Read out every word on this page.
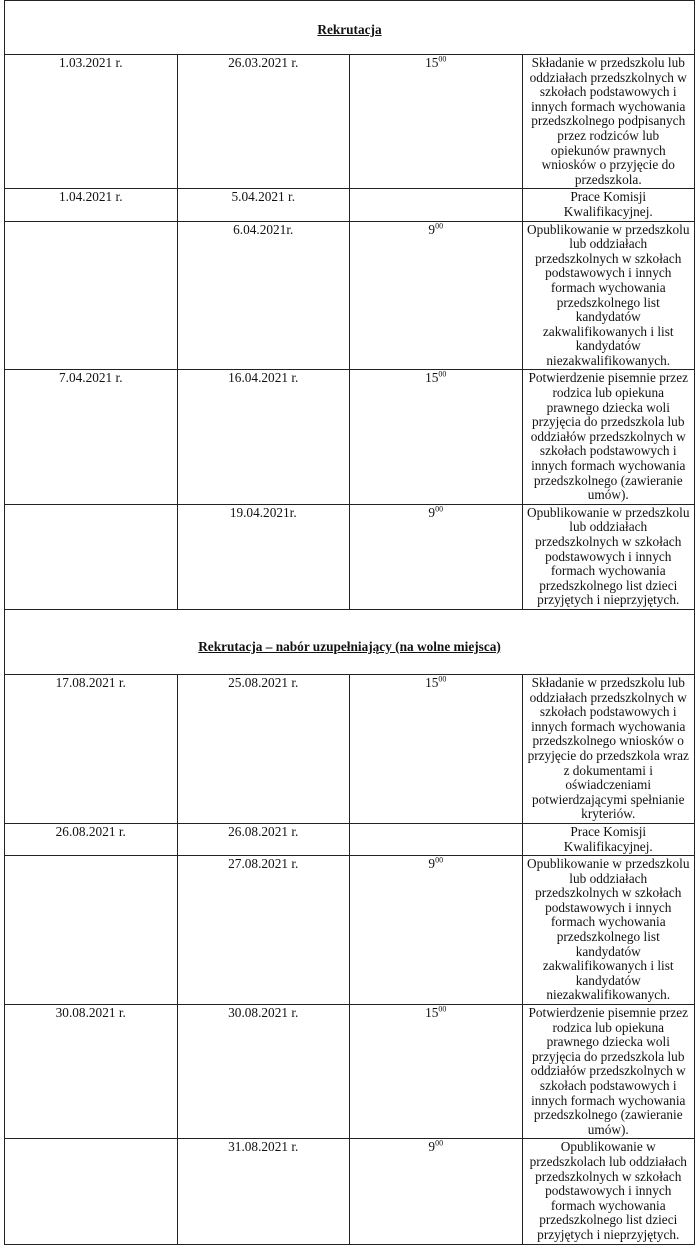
Rekrutacja			
1.03.2021 r.	26.03.2021 r.	$15^{00}$	Składanie w przedszkolu lub oddziałach przedszkolnych w szkołach podstawowych i innych formach wychowania przedszkolnego podpisanych przez rodziców lub opiekunów prawnych wniosków o przyjęcie do przedszkola.
1.04.2021 r.	5.04.2021 r.		Prace Komisji Kwalifikacyjnej.
	6.04.2021r.	$9^{00}$	Opublikowanie w przedszkolu lub oddziałach przedszkolnych w szkołach podstawowych i innych formach wychowania przedszkolnego list kandydatów zakwalifikowanych i list kandydatów niezakwalifikowanych.
7.04.2021 r.	16.04.2021 r.	$15^{00}$	Potwierdzenie pisemnie przez rodzica lub opiekuna prawnego dziecka woli przyjęcia do przedszkola lub oddziałów przedszkolnych w szkołach podstawowych i innych formach wychowania przedszkolnego (zawieranie umów).
	19.04.2021r.	$9^{00}$	Opublikowanie w przedszkolu lub oddziałach przedszkolnych w szkołach podstawowych i innych formach wychowania przedszkolnego list dzieci przyjętych i nieprzyjętych.
Rekrutacja – nabór uzupełniający (na wolne miejsca)			
17.08.2021 r.	25.08.2021 r.	$15^{00}$	Składanie w przedszkolu lub oddziałach przedszkolnych w szkołach podstawowych i innych formach wychowania przedszkolnego wniosków o przyjęcie do przedszkola wraz z dokumentami i oświadczeniami potwierdzającymi spełnianie kryteriów.
26.08.2021 r.	26.08.2021 r.		Prace Komisji Kwalifikacyjnej.
	27.08.2021 r.	$9^{00}$	Opublikowanie w przedszkolu lub oddziałach przedszkolnych w szkołach podstawowych i innych formach wychowania przedszkolnego list kandydatów zakwalifikowanych i list kandydatów niezakwalifikowanych.
30.08.2021 r.	30.08.2021 r.	$15^{00}$	Potwierdzenie pisemnie przez rodzica lub opiekuna prawnego dziecka woli przyjęcia do przedszkola lub oddziałów przedszkolnych w szkołach podstawowych i innych formach wychowania przedszkolnego (zawieranie umów).
	31.08.2021 r.	$9^{00}$	Opublikowanie w przedszkolach lub oddziałach przedszkolnych w szkołach podstawowych i innych formach wychowania przedszkolnego list dzieci przyjętych i nieprzyjętych.
